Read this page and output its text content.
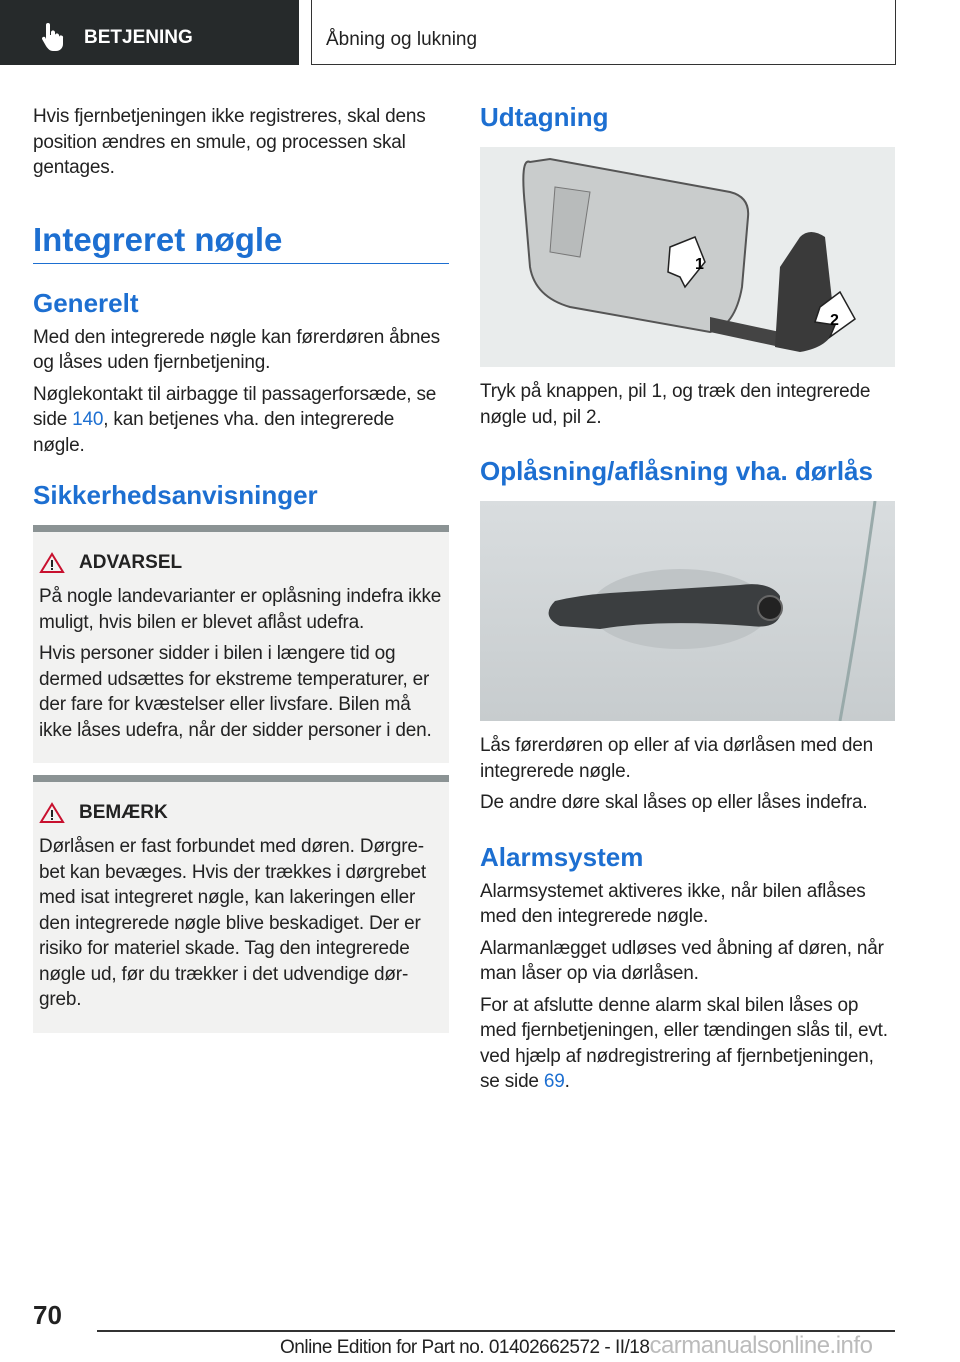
BETJENING	Åbning og lukning

Hvis fjernbetjeningen ikke registreres, skal dens position ændres en smule, og processen skal gentages.

Integreret nøgle
Generelt

Med den integrerede nøgle kan førerdøren åbnes og låses uden fjernbetjening.

Nøglekontakt til airbagge til passagerforsæde, se side 140, kan betjenes vha. den integrerede nøgle.

Sikkerhedsanvisninger
ADVARSEL

På nogle landevarianter er oplåsning indefra ikke muligt, hvis bilen er blevet aflåst udefra.

Hvis personer sidder i bilen i længere tid og dermed udsættes for ekstreme temperaturer, er der fare for kvæstelser eller livsfare. Bilen må ikke låses udefra, når der sidder personer i den.

BEMÆRK

Dørlåsen er fast forbundet med døren. Dørgrebet kan bevæges. Hvis der trækkes i dørgrebet med isat integreret nøgle, kan lakeringen eller den integrerede nøgle blive beskadiget. Der er risiko for materiel skade. Tag den integrerede nøgle ud, før du trækker i det udvendige dørgreb.

Udtagning
1
2

Tryk på knappen, pil 1, og træk den integrerede nøgle ud, pil 2.

Oplåsning/aflåsning vha. dørlås

Lås førerdøren op eller af via dørlåsen med den integrerede nøgle.

De andre døre skal låses op eller låses indefra.

Alarmsystem

Alarmsystemet aktiveres ikke, når bilen aflåses med den integrerede nøgle.

Alarmanlægget udløses ved åbning af døren, når man låser op via dørlåsen.

For at afslutte denne alarm skal bilen låses op med fjernbetjeningen, eller tændingen slås til, evt. ved hjælp af nødregistrering af fjernbetjeningen, se side 69.

70
Online Edition for Part no. 01402662572 - II/18carmanualsonline.info
